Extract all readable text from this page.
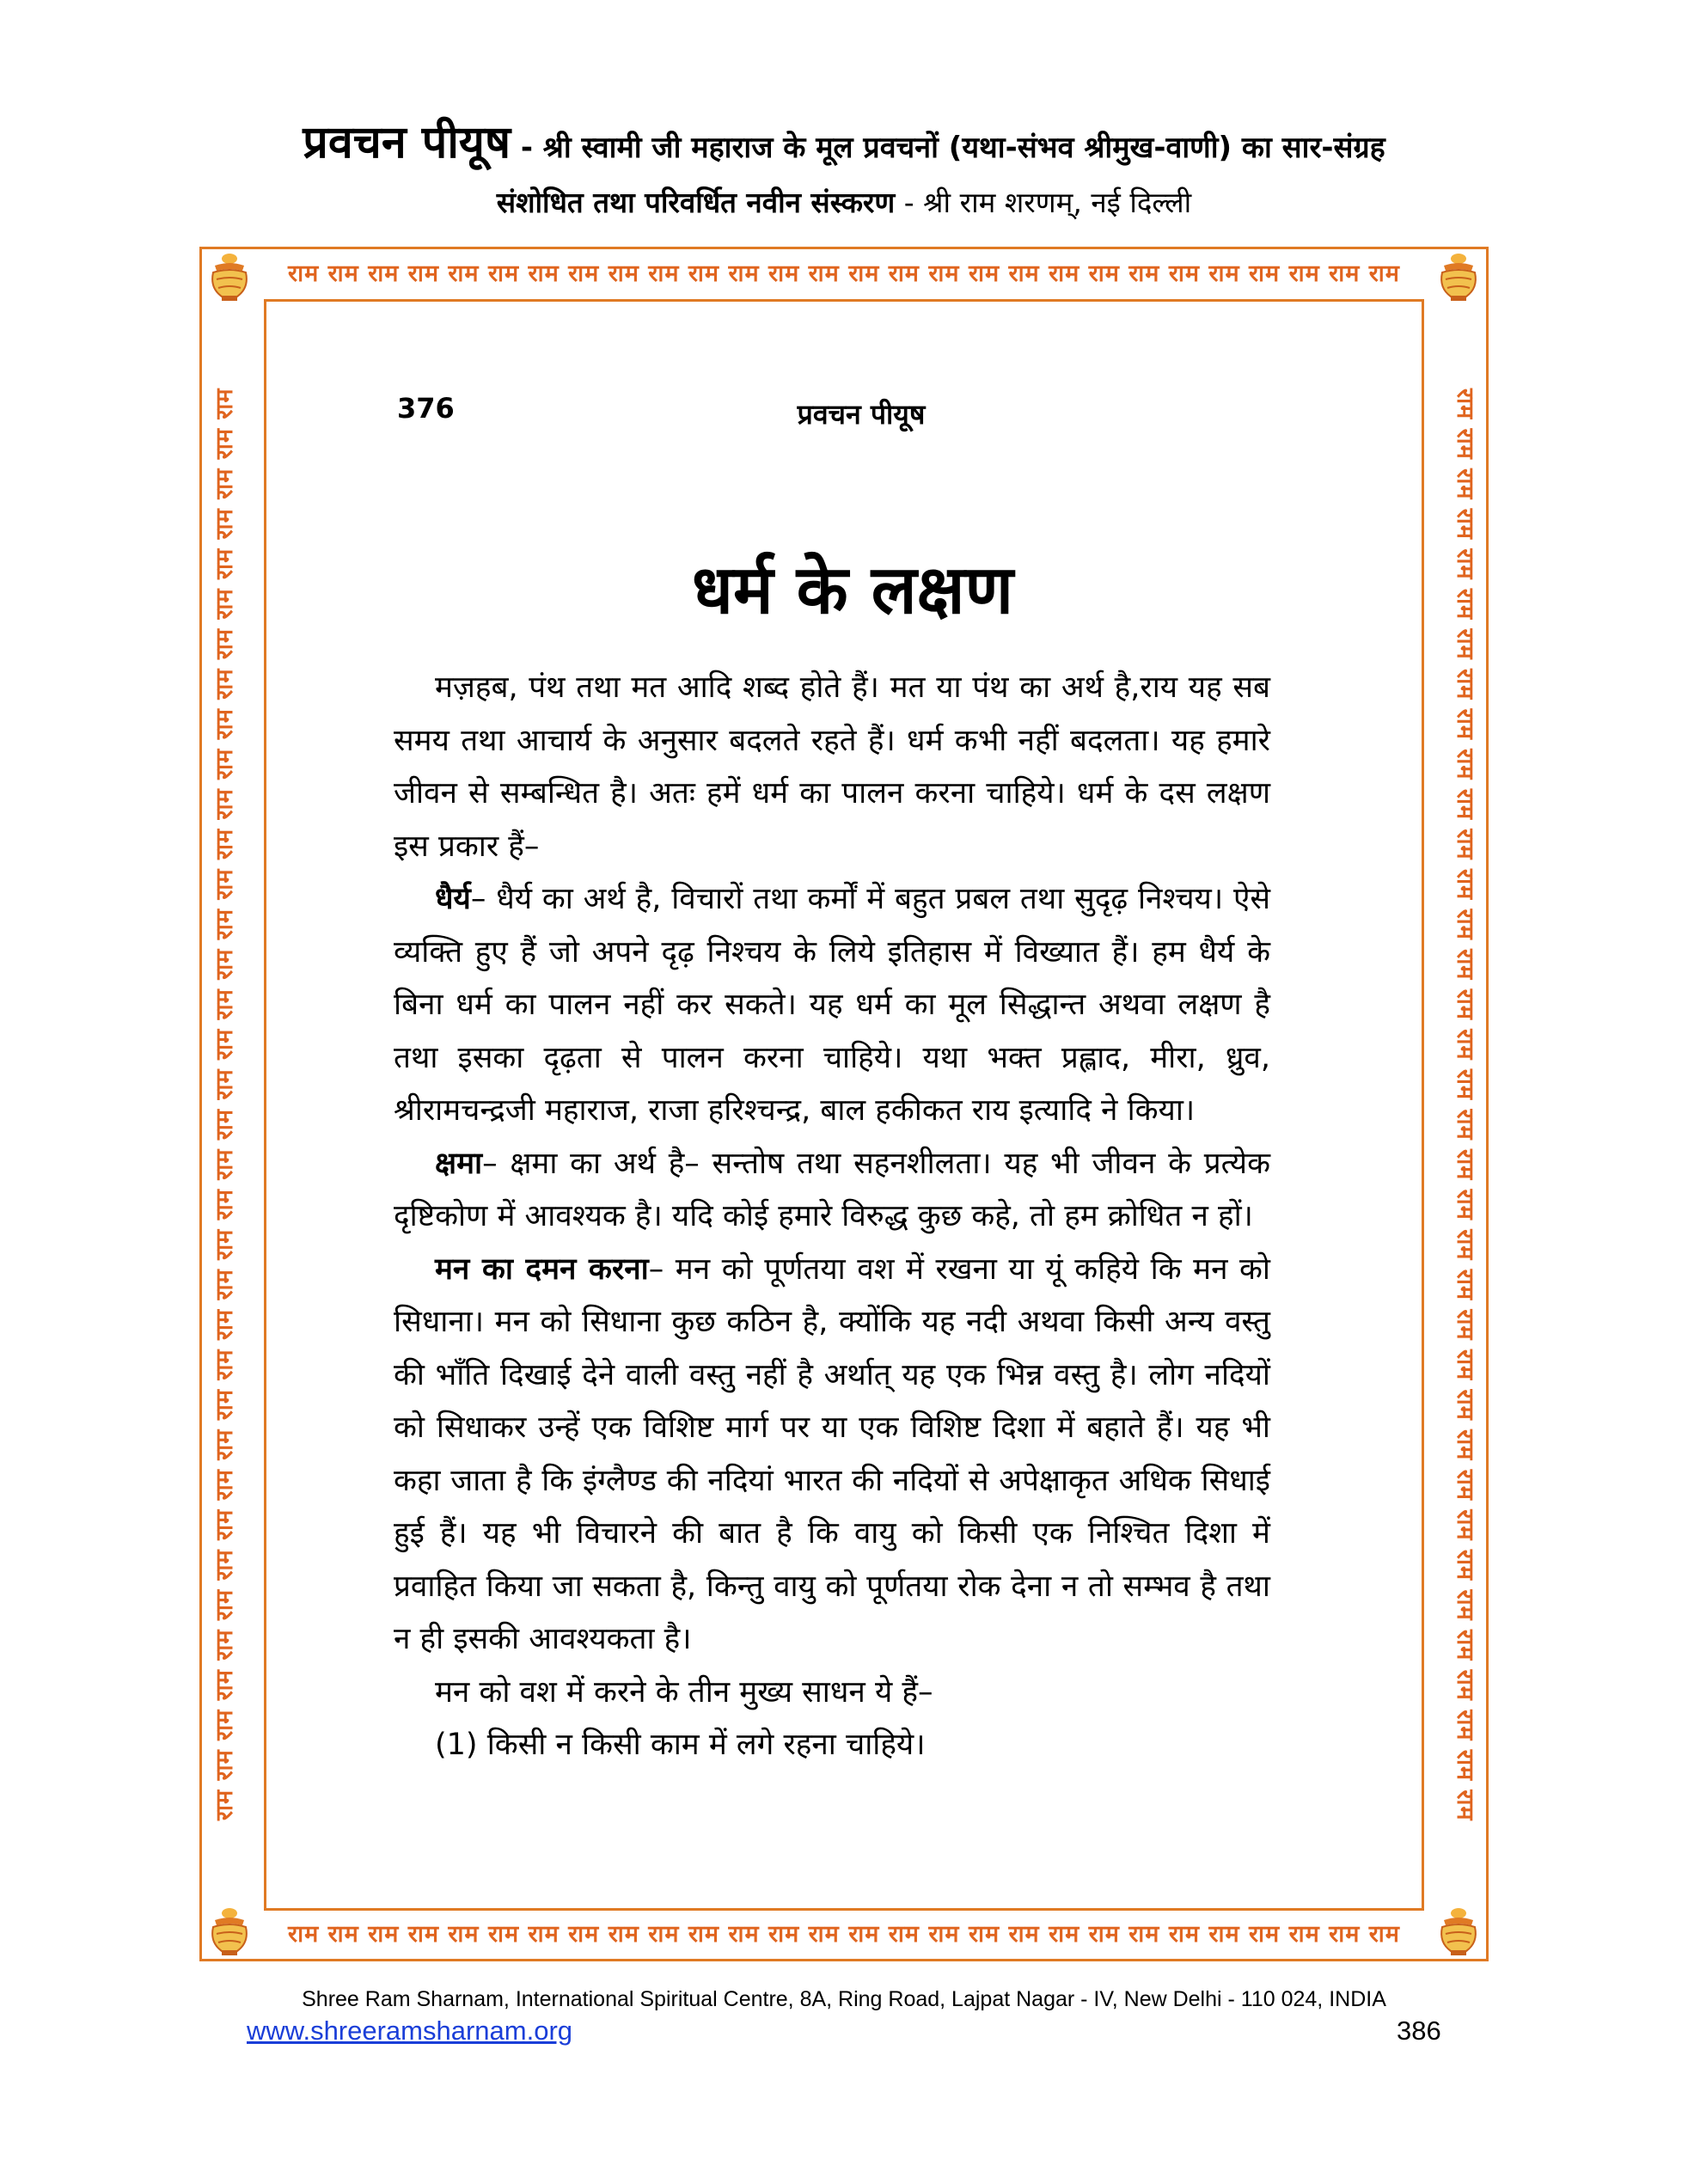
प्रवचन पीयूष - श्री स्वामी जी महाराज के मूल प्रवचनों (यथा-संभव श्रीमुख-वाणी) का सार-संग्रह
संशोधित तथा परिवर्धित नवीन संस्करण - श्री राम शरणम्, नई दिल्ली
राम राम राम राम राम राम राम राम राम राम राम राम राम राम राम राम राम राम राम राम राम राम राम राम राम राम राम राम
राम राम राम राम राम राम राम राम राम राम राम राम राम राम राम राम राम राम राम राम राम राम राम राम राम राम राम राम
राम राम राम राम राम राम राम राम राम राम राम राम राम राम राम राम राम राम राम राम राम राम राम राम राम राम राम राम राम राम राम राम राम राम राम राम	राम राम राम राम राम राम राम राम राम राम राम राम राम राम राम राम राम राम राम राम राम राम राम राम राम राम राम राम राम राम राम राम राम राम राम राम
376	प्रवचन पीयूष
धर्म के लक्षण

मज़हब, पंथ तथा मत आदि शब्द होते हैं। मत या पंथ का अर्थ है,राय यह सब समय तथा आचार्य के अनुसार बदलते रहते हैं। धर्म कभी नहीं बदलता। यह हमारे जीवन से सम्बन्धित है। अतः हमें धर्म का पालन करना चाहिये। धर्म के दस लक्षण इस प्रकार हैं–

धैर्य– धैर्य का अर्थ है, विचारों तथा कर्मों में बहुत प्रबल तथा सुदृढ़ निश्चय। ऐसे व्यक्ति हुए हैं जो अपने दृढ़ निश्चय के लिये इतिहास में विख्यात हैं। हम धैर्य के बिना धर्म का पालन नहीं कर सकते। यह धर्म का मूल सिद्धान्त अथवा लक्षण है तथा इसका दृढ़ता से पालन करना चाहिये। यथा भक्त प्रह्लाद, मीरा, ध्रुव, श्रीरामचन्द्रजी महाराज, राजा हरिश्चन्द्र, बाल हकीकत राय इत्यादि ने किया।

क्षमा– क्षमा का अर्थ है– सन्तोष तथा सहनशीलता। यह भी जीवन के प्रत्येक दृष्टिकोण में आवश्यक है। यदि कोई हमारे विरुद्ध कुछ कहे, तो हम क्रोधित न हों।

मन का दमन करना– मन को पूर्णतया वश में रखना या यूं कहिये कि मन को सिधाना। मन को सिधाना कुछ कठिन है, क्योंकि यह नदी अथवा किसी अन्य वस्तु की भाँति दिखाई देने वाली वस्तु नहीं है अर्थात् यह एक भिन्न वस्तु है। लोग नदियों को सिधाकर उन्हें एक विशिष्ट मार्ग पर या एक विशिष्ट दिशा में बहाते हैं। यह भी कहा जाता है कि इंग्लैण्ड की नदियां भारत की नदियों से अपेक्षाकृत अधिक सिधाई हुई हैं। यह भी विचारने की बात है कि वायु को किसी एक निश्चित दिशा में प्रवाहित किया जा सकता है, किन्तु वायु को पूर्णतया रोक देना न तो सम्भव है तथा न ही इसकी आवश्यकता है।

मन को वश में करने के तीन मुख्य साधन ये हैं–

(1) किसी न किसी काम में लगे रहना चाहिये।

Shree Ram Sharnam, International Spiritual Centre, 8A, Ring Road, Lajpat Nagar - IV, New Delhi - 110 024, INDIA
www.shreeramsharnam.org	386
